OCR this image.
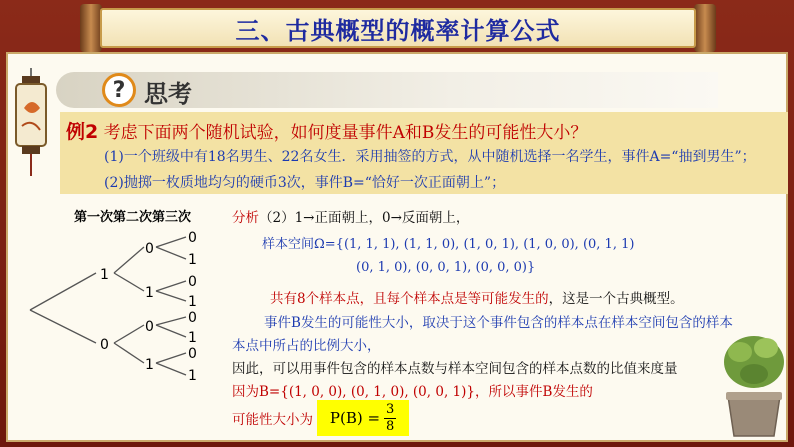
三、古典概型的概率计算公式
? 思考
例2 考虑下面两个随机试验，如何度量事件A和B发生的可能性大小？
(1)一个班级中有18名男生、22名女生．采用抽签的方式，从中随机选择一名学生，事件A=“抽到男生”；
(2)抛掷一枚质地均匀的硬币3次，事件B=“恰好一次正面朝上”；
第一次第二次第三次
1
0
0
1
0
1
0
1
0
1
0
1
0
1
分析（2）1→正面朝上，0→反面朝上，
样本空间Ω={(1, 1, 1), (1, 1, 0), (1, 0, 1), (1, 0, 0), (0, 1, 1)
(0, 1, 0), (0, 0, 1), (0, 0, 0)}
共有8个样本点，且每个样本点是等可能发生的，这是一个古典概型。
事件B发生的可能性大小，取决于这个事件包含的样本点在样本空间包含的样本
本点中所占的比例大小，
因此，可以用事件包含的样本点数与样本空间包含的样本点数的比值来度量
因为B={(1, 0, 0), (0, 1, 0), (0, 0, 1)}，所以事件B发生的
可能性大小为 $P(B) = \frac{3}{8}$
